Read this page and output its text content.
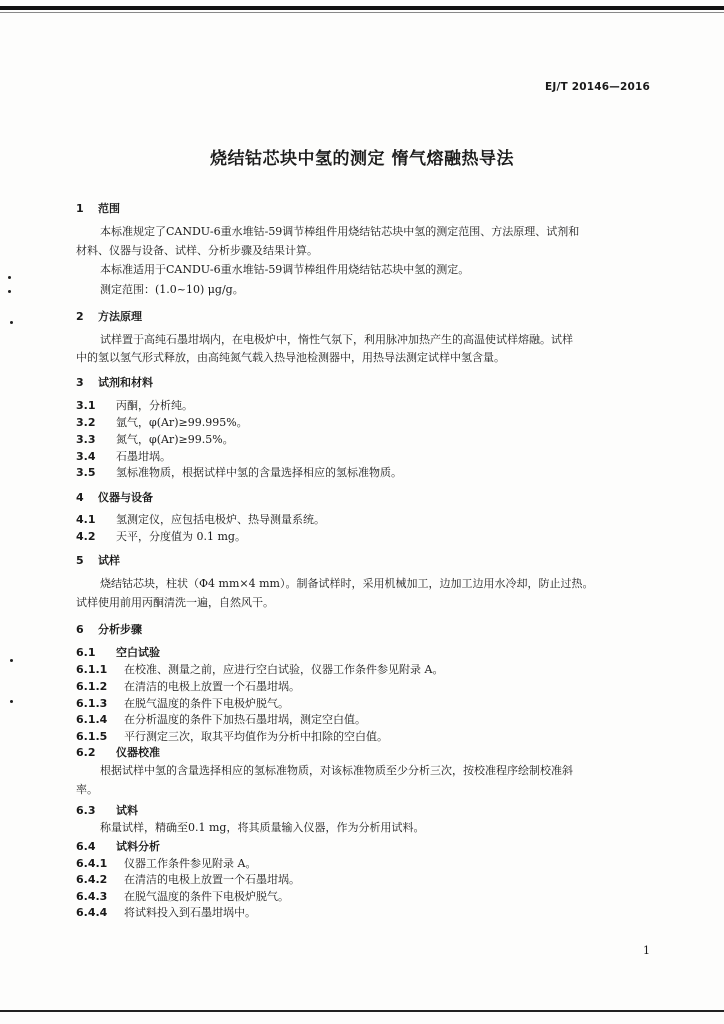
EJ/T 20146—2016
烧结钴芯块中氢的测定 惰气熔融热导法
1 范围
本标准规定了CANDU-6重水堆钴-59调节棒组件用烧结钴芯块中氢的测定范围、方法原理、试剂和
材料、仪器与设备、试样、分析步骤及结果计算。
本标准适用于CANDU-6重水堆钴-59调节棒组件用烧结钴芯块中氢的测定。
测定范围：(1.0~10) μg/g。
2 方法原理
试样置于高纯石墨坩埚内，在电极炉中，惰性气氛下，利用脉冲加热产生的高温使试样熔融。试样
中的氢以氢气形式释放，由高纯氮气载入热导池检测器中，用热导法测定试样中氢含量。
3 试剂和材料
3.1 丙酮，分析纯。
3.2 氩气，φ(Ar)≥99.995%。
3.3 氮气，φ(Ar)≥99.5%。
3.4 石墨坩埚。
3.5 氢标准物质，根据试样中氢的含量选择相应的氢标准物质。
4 仪器与设备
4.1 氢测定仪，应包括电极炉、热导测量系统。
4.2 天平，分度值为 0.1 mg。
5 试样
烧结钴芯块，柱状（Φ4 mm×4 mm）。制备试样时，采用机械加工，边加工边用水冷却，防止过热。
试样使用前用丙酮清洗一遍，自然风干。
6 分析步骤
6.1 空白试验
6.1.1 在校准、测量之前，应进行空白试验，仪器工作条件参见附录 A。
6.1.2 在清洁的电极上放置一个石墨坩埚。
6.1.3 在脱气温度的条件下电极炉脱气。
6.1.4 在分析温度的条件下加热石墨坩埚，测定空白值。
6.1.5 平行测定三次，取其平均值作为分析中扣除的空白值。
6.2 仪器校准
根据试样中氢的含量选择相应的氢标准物质，对该标准物质至少分析三次，按校准程序绘制校准斜
率。
6.3 试料
称量试样，精确至0.1 mg，将其质量输入仪器，作为分析用试料。
6.4 试料分析
6.4.1 仪器工作条件参见附录 A。
6.4.2 在清洁的电极上放置一个石墨坩埚。
6.4.3 在脱气温度的条件下电极炉脱气。
6.4.4 将试料投入到石墨坩埚中。
1
